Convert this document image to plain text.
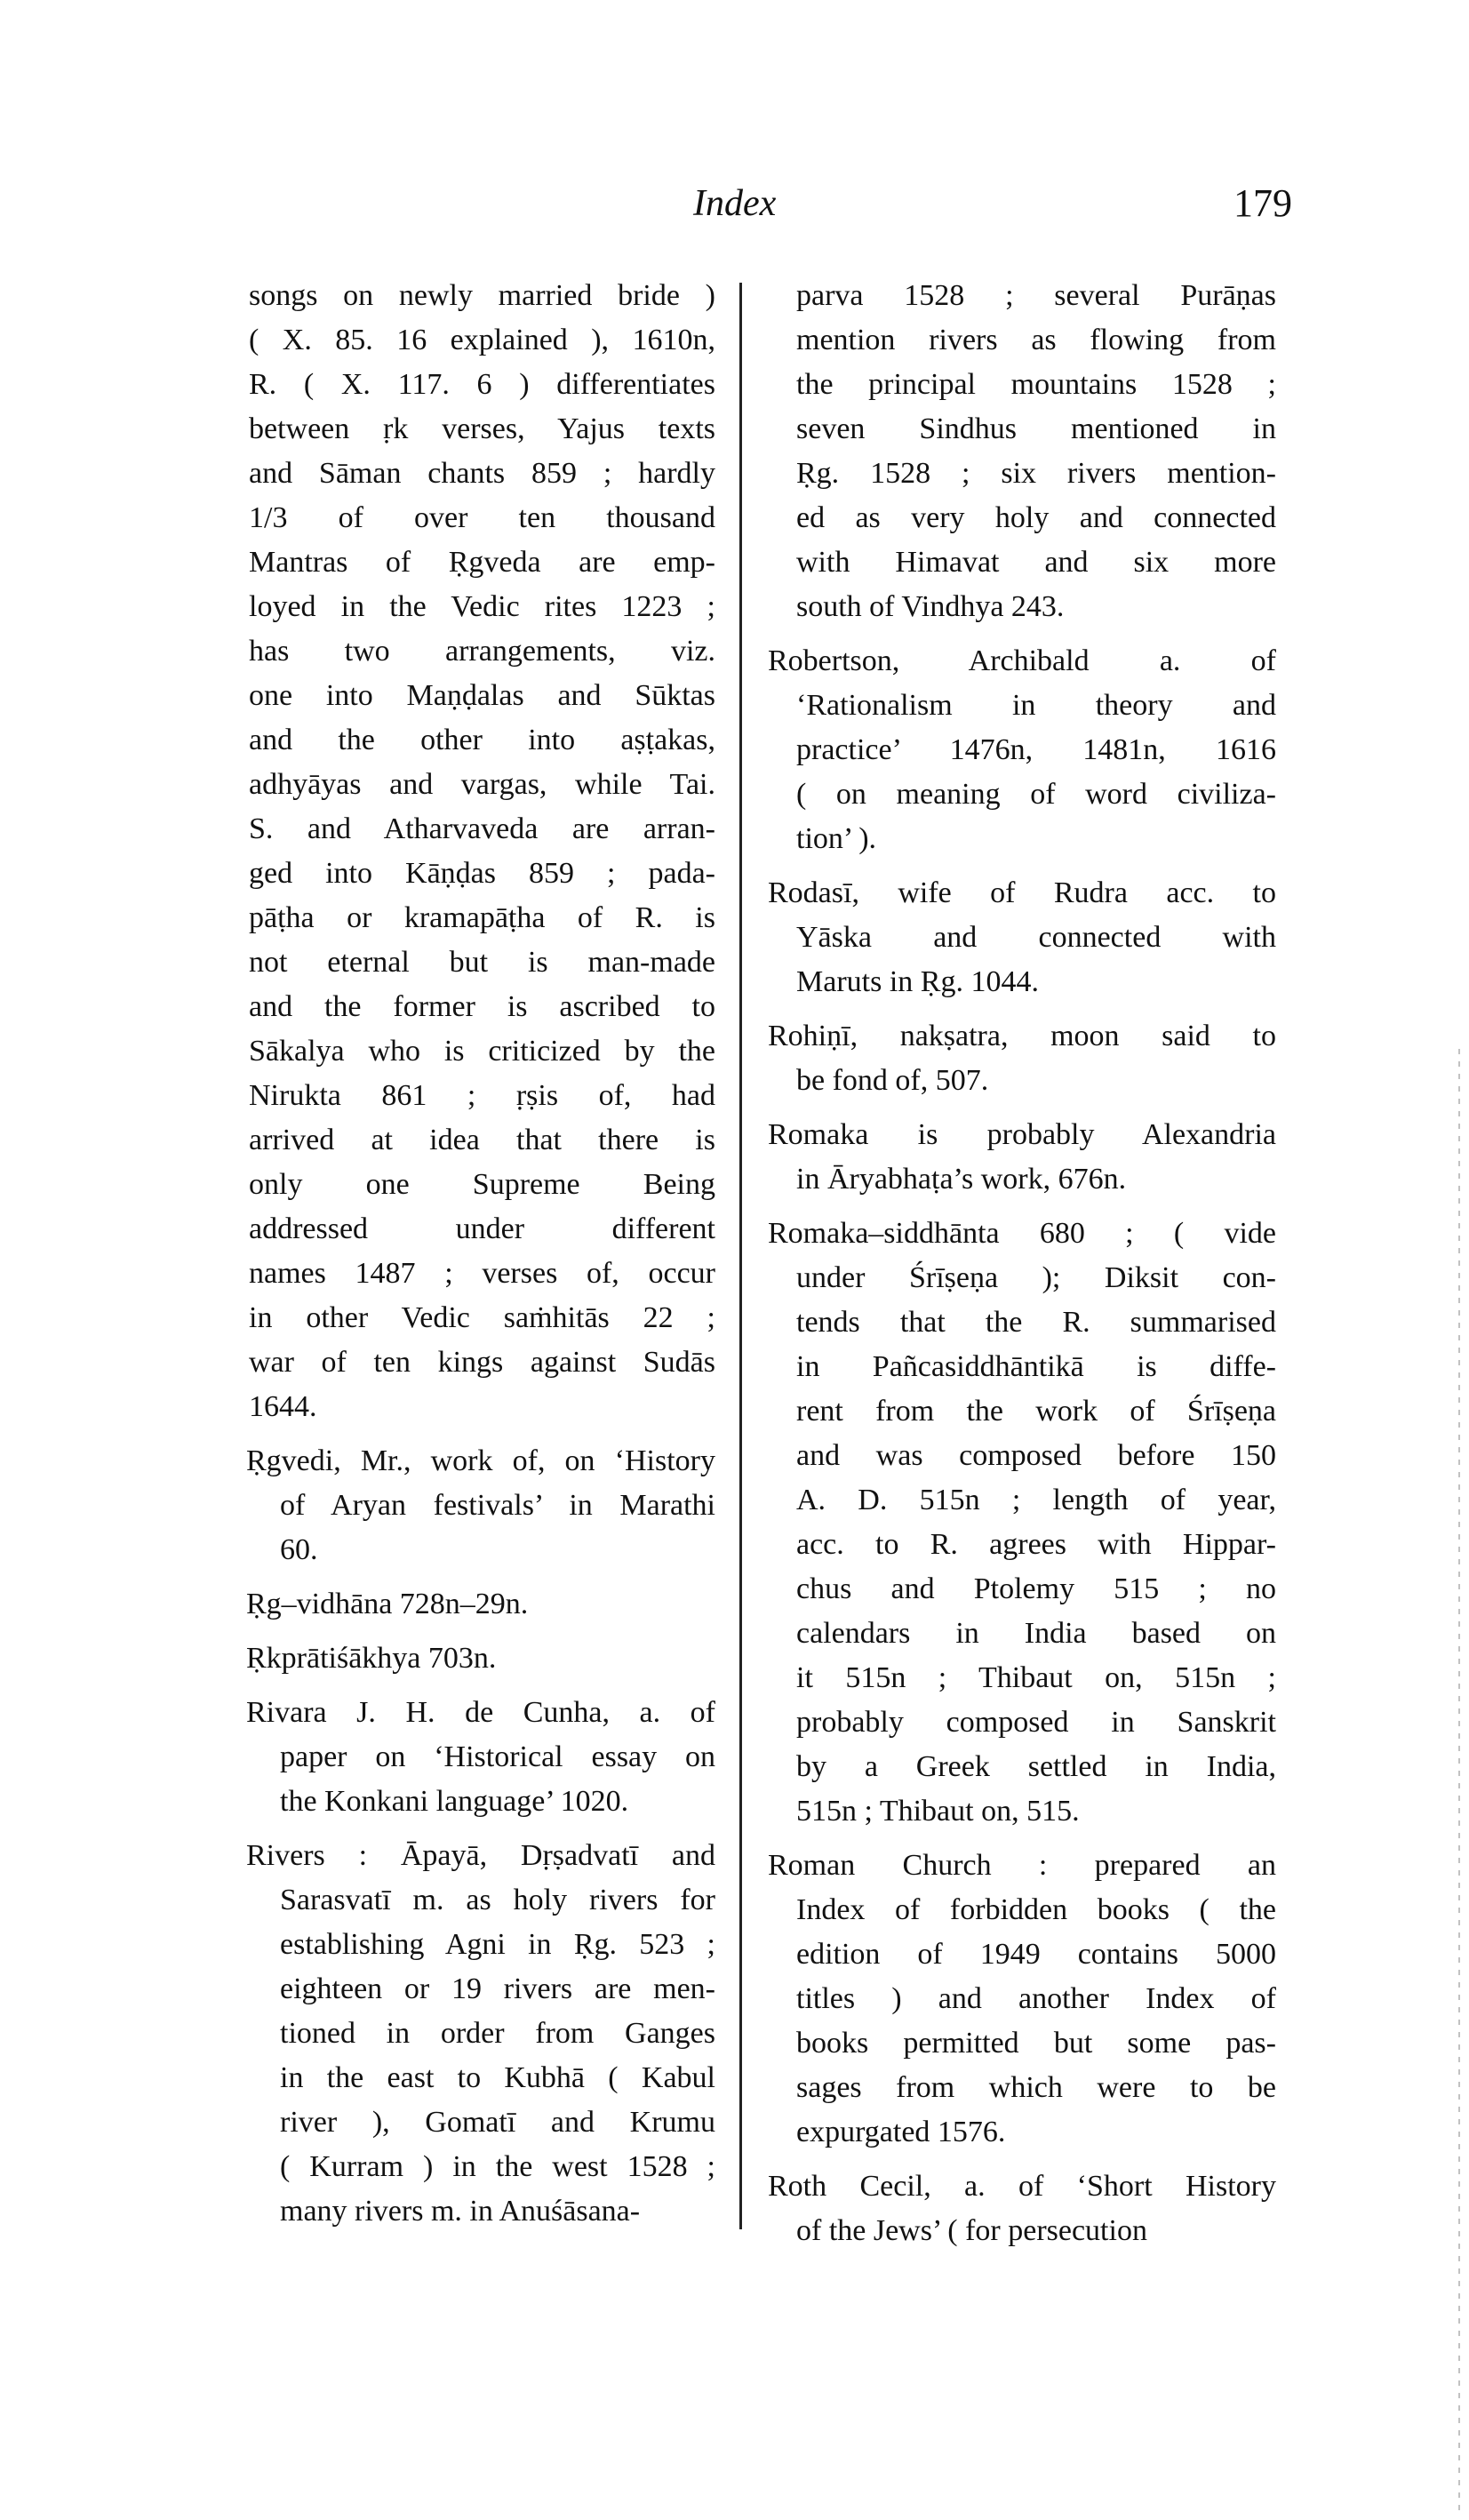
Index	179
songs on newly married bride )
( X. 85. 16 explained ), 1610n,
R. ( X. 117. 6 ) differentiates
between ṛk verses, Yajus texts
and Sāman chants 859 ; hardly
1/3 of over ten thousand
Mantras of Ṛgveda are emp-
loyed in the Vedic rites 1223 ;
has two arrangements, viz.
one into Maṇḍalas and Sūktas
and the other into aṣṭakas,
adhyāyas and vargas, while Tai.
S. and Atharvaveda are arran-
ged into Kāṇḍas 859 ; pada-
pāṭha or kramapāṭha of R. is
not eternal but is man-made
and the former is ascribed to
Sākalya who is criticized by the
Nirukta 861 ; ṛṣis of, had
arrived at idea that there is
only one Supreme Being
addressed under different
names 1487 ; verses of, occur
in other Vedic saṁhitās 22 ;
war of ten kings against Sudās
1644.
Ṛgvedi, Mr., work of, on ‘History
of Aryan festivals’ in Marathi
60.
Ṛg–vidhāna 728n–29n.
Ṛkprātiśākhya 703n.
Rivara J. H. de Cunha, a. of
paper on ‘Historical essay on
the Konkani language’ 1020.
Rivers : Āpayā, Dṛṣadvatī and
Sarasvatī m. as holy rivers for
establishing Agni in Ṛg. 523 ;
eighteen or 19 rivers are men-
tioned in order from Ganges
in the east to Kubhā ( Kabul
river ), Gomatī and Krumu
( Kurram ) in the west 1528 ;
many rivers m. in Anuśāsana-
parva 1528 ; several Purāṇas
mention rivers as flowing from
the principal mountains 1528 ;
seven Sindhus mentioned in
Ṛg. 1528 ; six rivers mention-
ed as very holy and connected
with Himavat and six more
south of Vindhya 243.
Robertson, Archibald a. of
‘Rationalism in theory and
practice’ 1476n, 1481n, 1616
( on meaning of word civiliza-
tion’ ).
Rodasī, wife of Rudra acc. to
Yāska and connected with
Maruts in Ṛg. 1044.
Rohiṇī, nakṣatra, moon said to
be fond of, 507.
Romaka is probably Alexandria
in Āryabhaṭa’s work, 676n.
Romaka–siddhānta 680 ; ( vide
under Śrīṣeṇa ); Diksit con-
tends that the R. summarised
in Pañcasiddhāntikā is diffe-
rent from the work of Śrīṣeṇa
and was composed before 150
A. D. 515n ; length of year,
acc. to R. agrees with Hippar-
chus and Ptolemy 515 ; no
calendars in India based on
it 515n ; Thibaut on, 515n ;
probably composed in Sanskrit
by a Greek settled in India,
515n ; Thibaut on, 515.
Roman Church : prepared an
Index of forbidden books ( the
edition of 1949 contains 5000
titles ) and another Index of
books permitted but some pas-
sages from which were to be
expurgated 1576.
Roth Cecil, a. of ‘Short History
of the Jews’ ( for persecution
